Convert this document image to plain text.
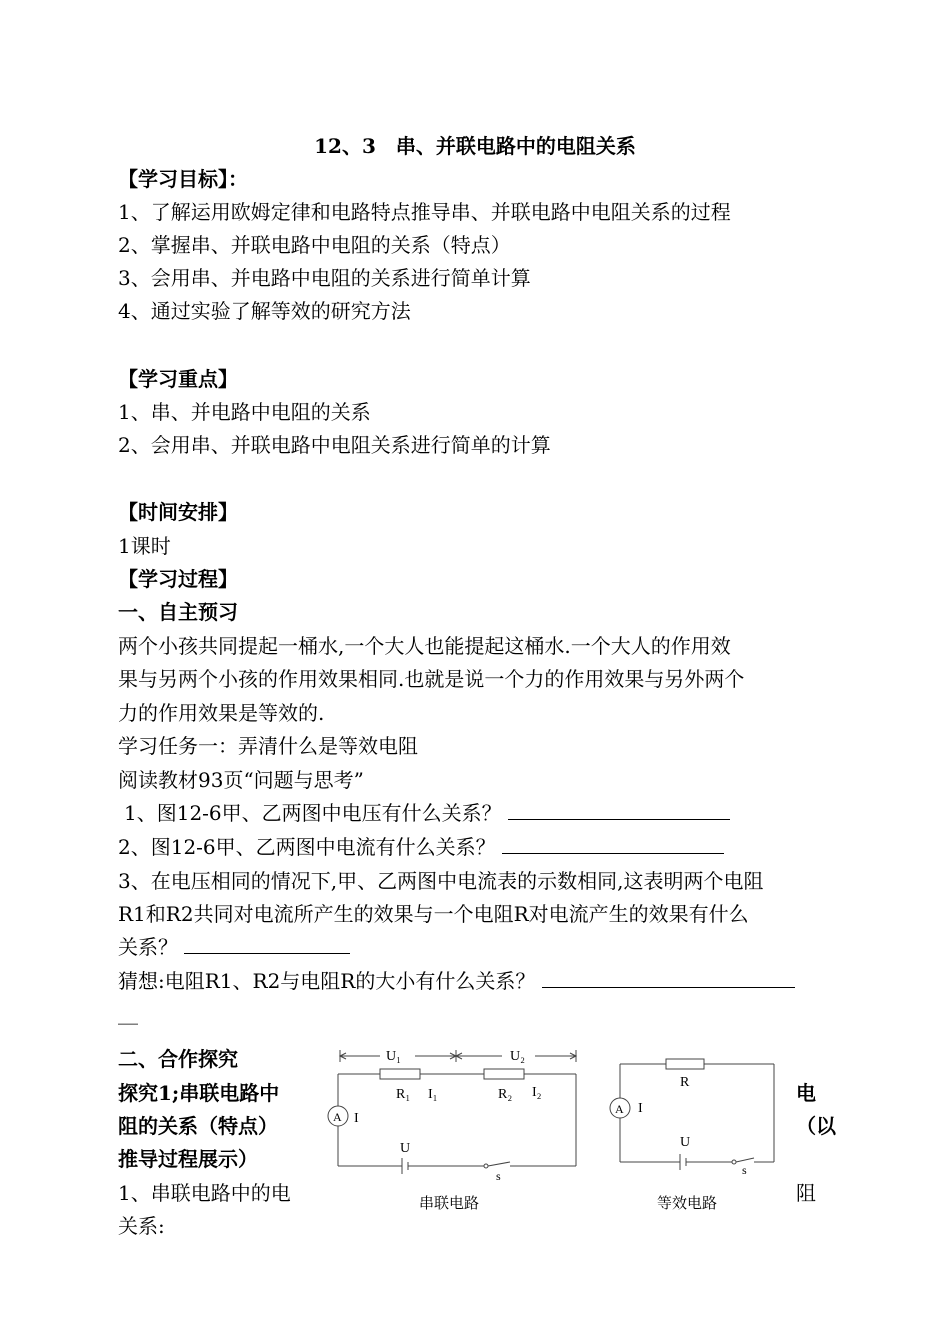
12、3　串、并联电路中的电阻关系
【学习目标】：
1、了解运用欧姆定律和电路特点推导串、并联电路中电阻关系的过程
2、掌握串、并联电路中电阻的关系（特点）
3、会用串、并电路中电阻的关系进行简单计算
4、通过实验了解等效的研究方法
【学习重点】
1、串、并电路中电阻的关系
2、会用串、并联电路中电阻关系进行简单的计算
【时间安排】
1课时
【学习过程】
一、自主预习
两个小孩共同提起一桶水,一个大人也能提起这桶水.一个大人的作用效
果与另两个小孩的作用效果相同.也就是说一个力的作用效果与另外两个
力的作用效果是等效的.
学习任务一：弄清什么是等效电阻
阅读教材93页“问题与思考”
1、图12-6甲、乙两图中电压有什么关系？
2、图12-6甲、乙两图中电流有什么关系？
3、在电压相同的情况下,甲、乙两图中电流表的示数相同,这表明两个电阻
R1和R2共同对电流所产生的效果与一个电阻R对电流产生的效果有什么
关系？
猜想:电阻R1、R2与电阻R的大小有什么关系？
__
二、合作探究
探究1;串联电路中
阻的关系（特点）
推导过程展示）
1、串联电路中的电
关系:
电
（以
阻
U₁	U₂
R₁ I₁	R₂ I₂
A I
U
s
串联电路
R
A I
U
s
等效电路
